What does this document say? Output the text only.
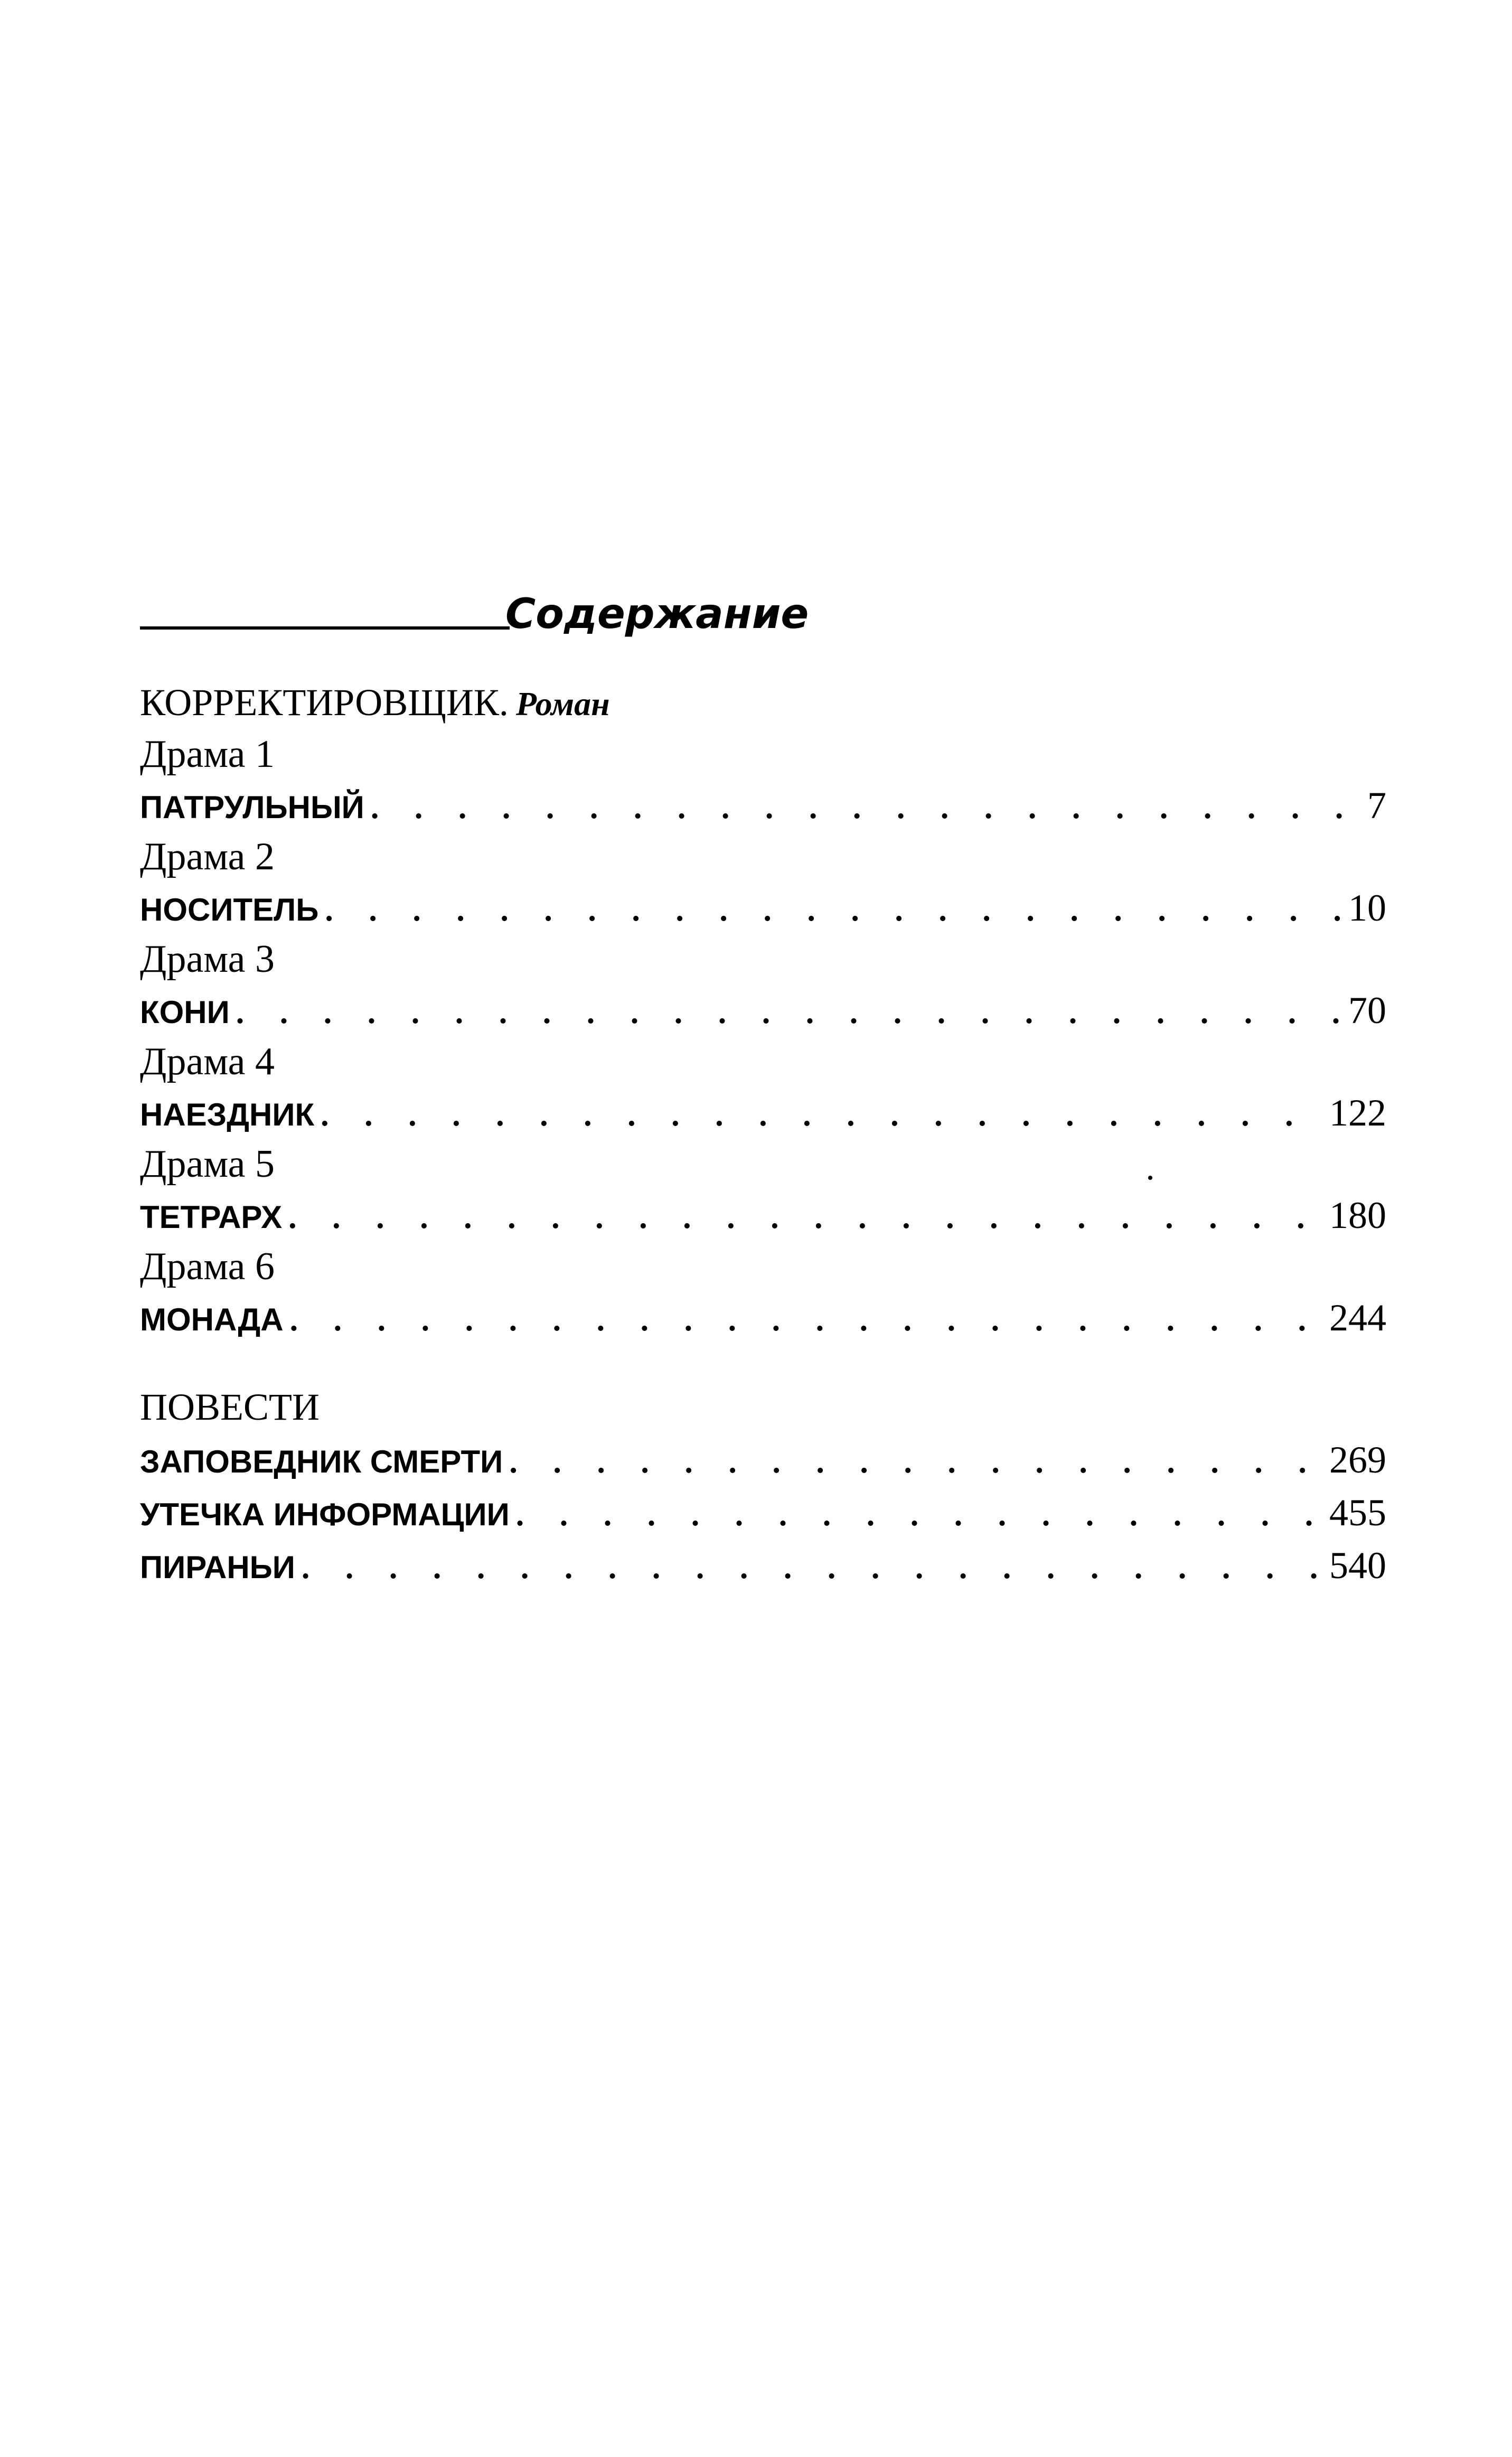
Содержание
КОРРЕКТИРОВЩИК. Роман
Драма 1
ПАТРУЛЬНЫЙ . . .	7
Драма 2
НОСИТЕЛЬ . . .	10
Драма 3
КОНИ . . .	70
Драма 4
НАЕЗДНИК . . .	122
Драма 5
ТЕТРАРХ . . .	180
Драма 6
МОНАДА . . .	244
ПОВЕСТИ
ЗАПОВЕДНИК СМЕРТИ . . .	269
УТЕЧКА ИНФОРМАЦИИ . . .	455
ПИРАНЬИ . . .	540
